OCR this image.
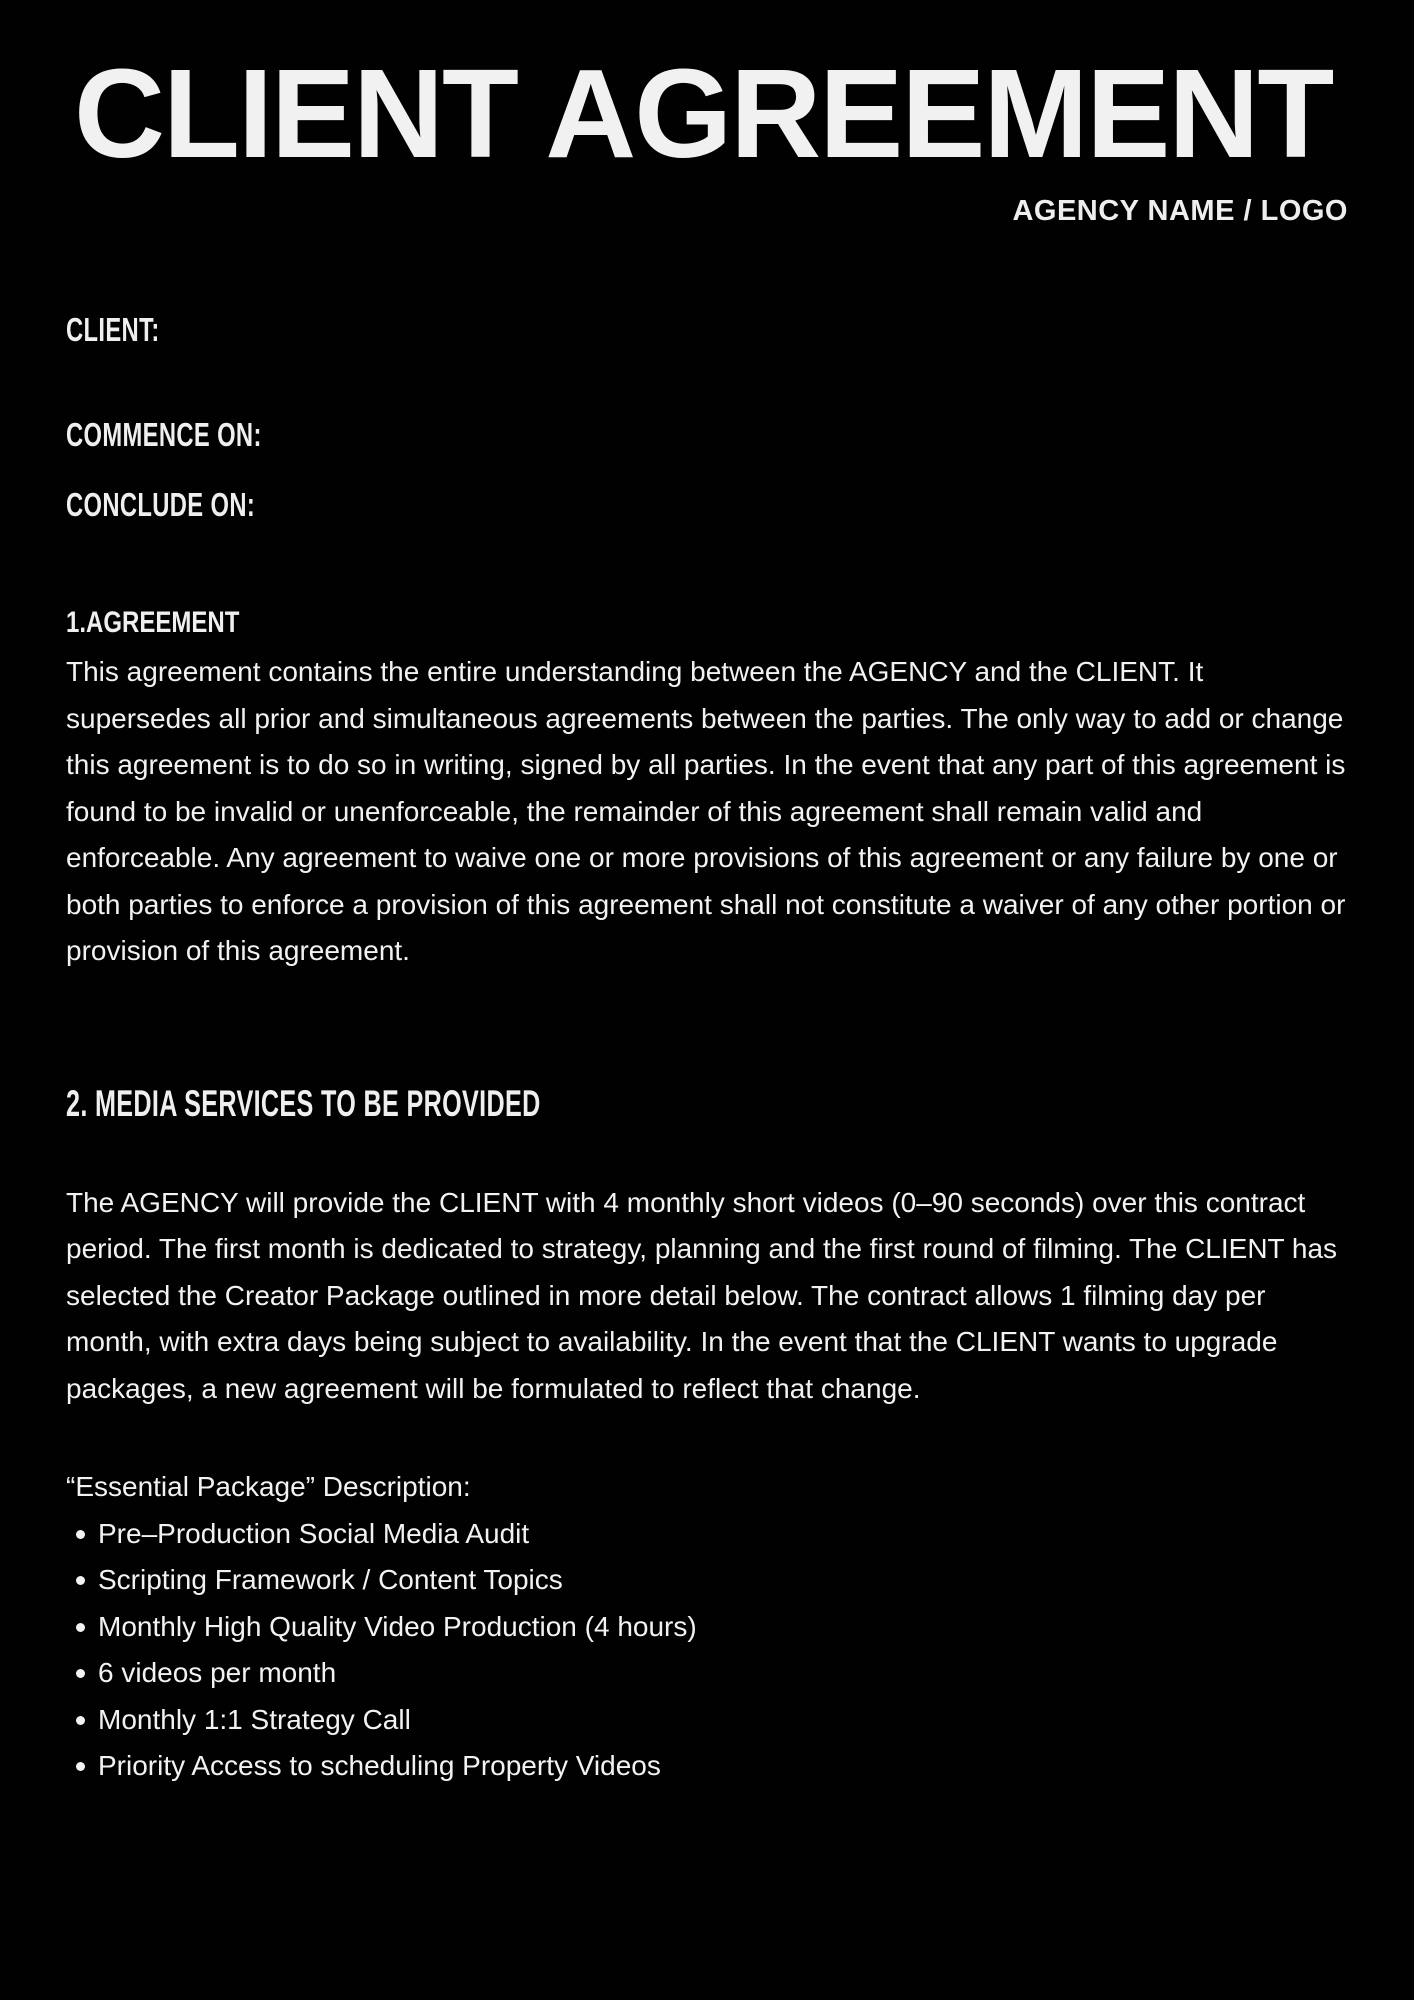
CLIENT AGREEMENT
AGENCY NAME / LOGO
CLIENT:
COMMENCE ON:
CONCLUDE ON:
1.AGREEMENT
This agreement contains the entire understanding between the AGENCY and the CLIENT. It supersedes all prior and simultaneous agreements between the parties. The only way to add or change this agreement is to do so in writing, signed by all parties. In the event that any part of this agreement is found to be invalid or unenforceable, the remainder of this agreement shall remain valid and enforceable. Any agreement to waive one or more provisions of this agreement or any failure by one or both parties to enforce a provision of this agreement shall not constitute a waiver of any other portion or provision of this agreement.
2. MEDIA SERVICES TO BE PROVIDED
The AGENCY will provide the CLIENT with 4 monthly short videos (0–90 seconds) over this contract period. The first month is dedicated to strategy, planning and the first round of filming. The CLIENT has selected the Creator Package outlined in more detail below. The contract allows 1 filming day per month, with extra days being subject to availability. In the event that the CLIENT wants to upgrade packages, a new agreement will be formulated to reflect that change.
“Essential Package” Description:
Pre–Production Social Media Audit
Scripting Framework / Content Topics
Monthly High Quality Video Production (4 hours)
6 videos per month
Monthly 1:1 Strategy Call
Priority Access to scheduling Property Videos
